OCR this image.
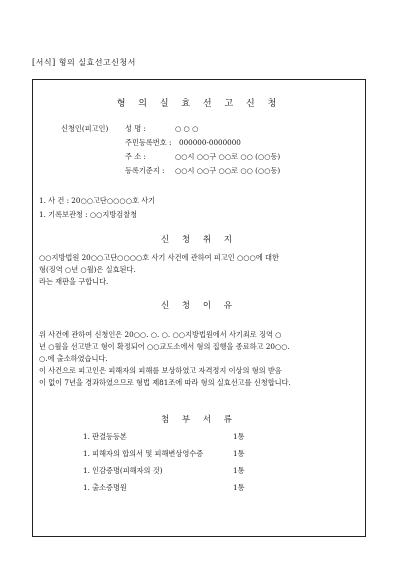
[서식] 형의 실효선고신청서
형 의 실 효 선 고 신 청
신청인(피고인) 성 명 :	○ ○ ○
주민등록번호 : 000000-0000000
주 소 :	○○시 ○○구 ○○로 ○○ (○○동)
등록기준지 : ○○시 ○○구 ○○로 ○○ (○○동)
1. 사 건 : 20○○고단○○○○호 사기
1. 기록보관청 : ○○지방검찰청
신 청 취 지
○○지방법원 20○○고단○○○○호 사기 사건에 관하여 피고인 ○○○에 대한
형(징역 ○년 ○월)은 실효된다.
라는 재판을 구합니다.
신 청 이 유
위 사건에 관하여 신청인은 20○○. ○. ○. ○○지방법원에서 사기죄로 징역 ○
년 ○월을 선고받고 형이 확정되어 ○○교도소에서 형의 집행을 종료하고 20○○.
○.에 출소하였습니다.
이 사건으로 피고인은 피해자의 피해를 보상하였고 자격정지 이상의 형의 받음
이 없이 7년을 경과하였으므로 형법 제81조에 따라 형의 실효선고를 신청합니다.
첨 부 서 류
1. 판결등등본	1통
1. 피해자의 합의서 및 피해변상영수증	1통
1. 인감증명(피해자의 것)	1통
1. 출소증명원	1통
